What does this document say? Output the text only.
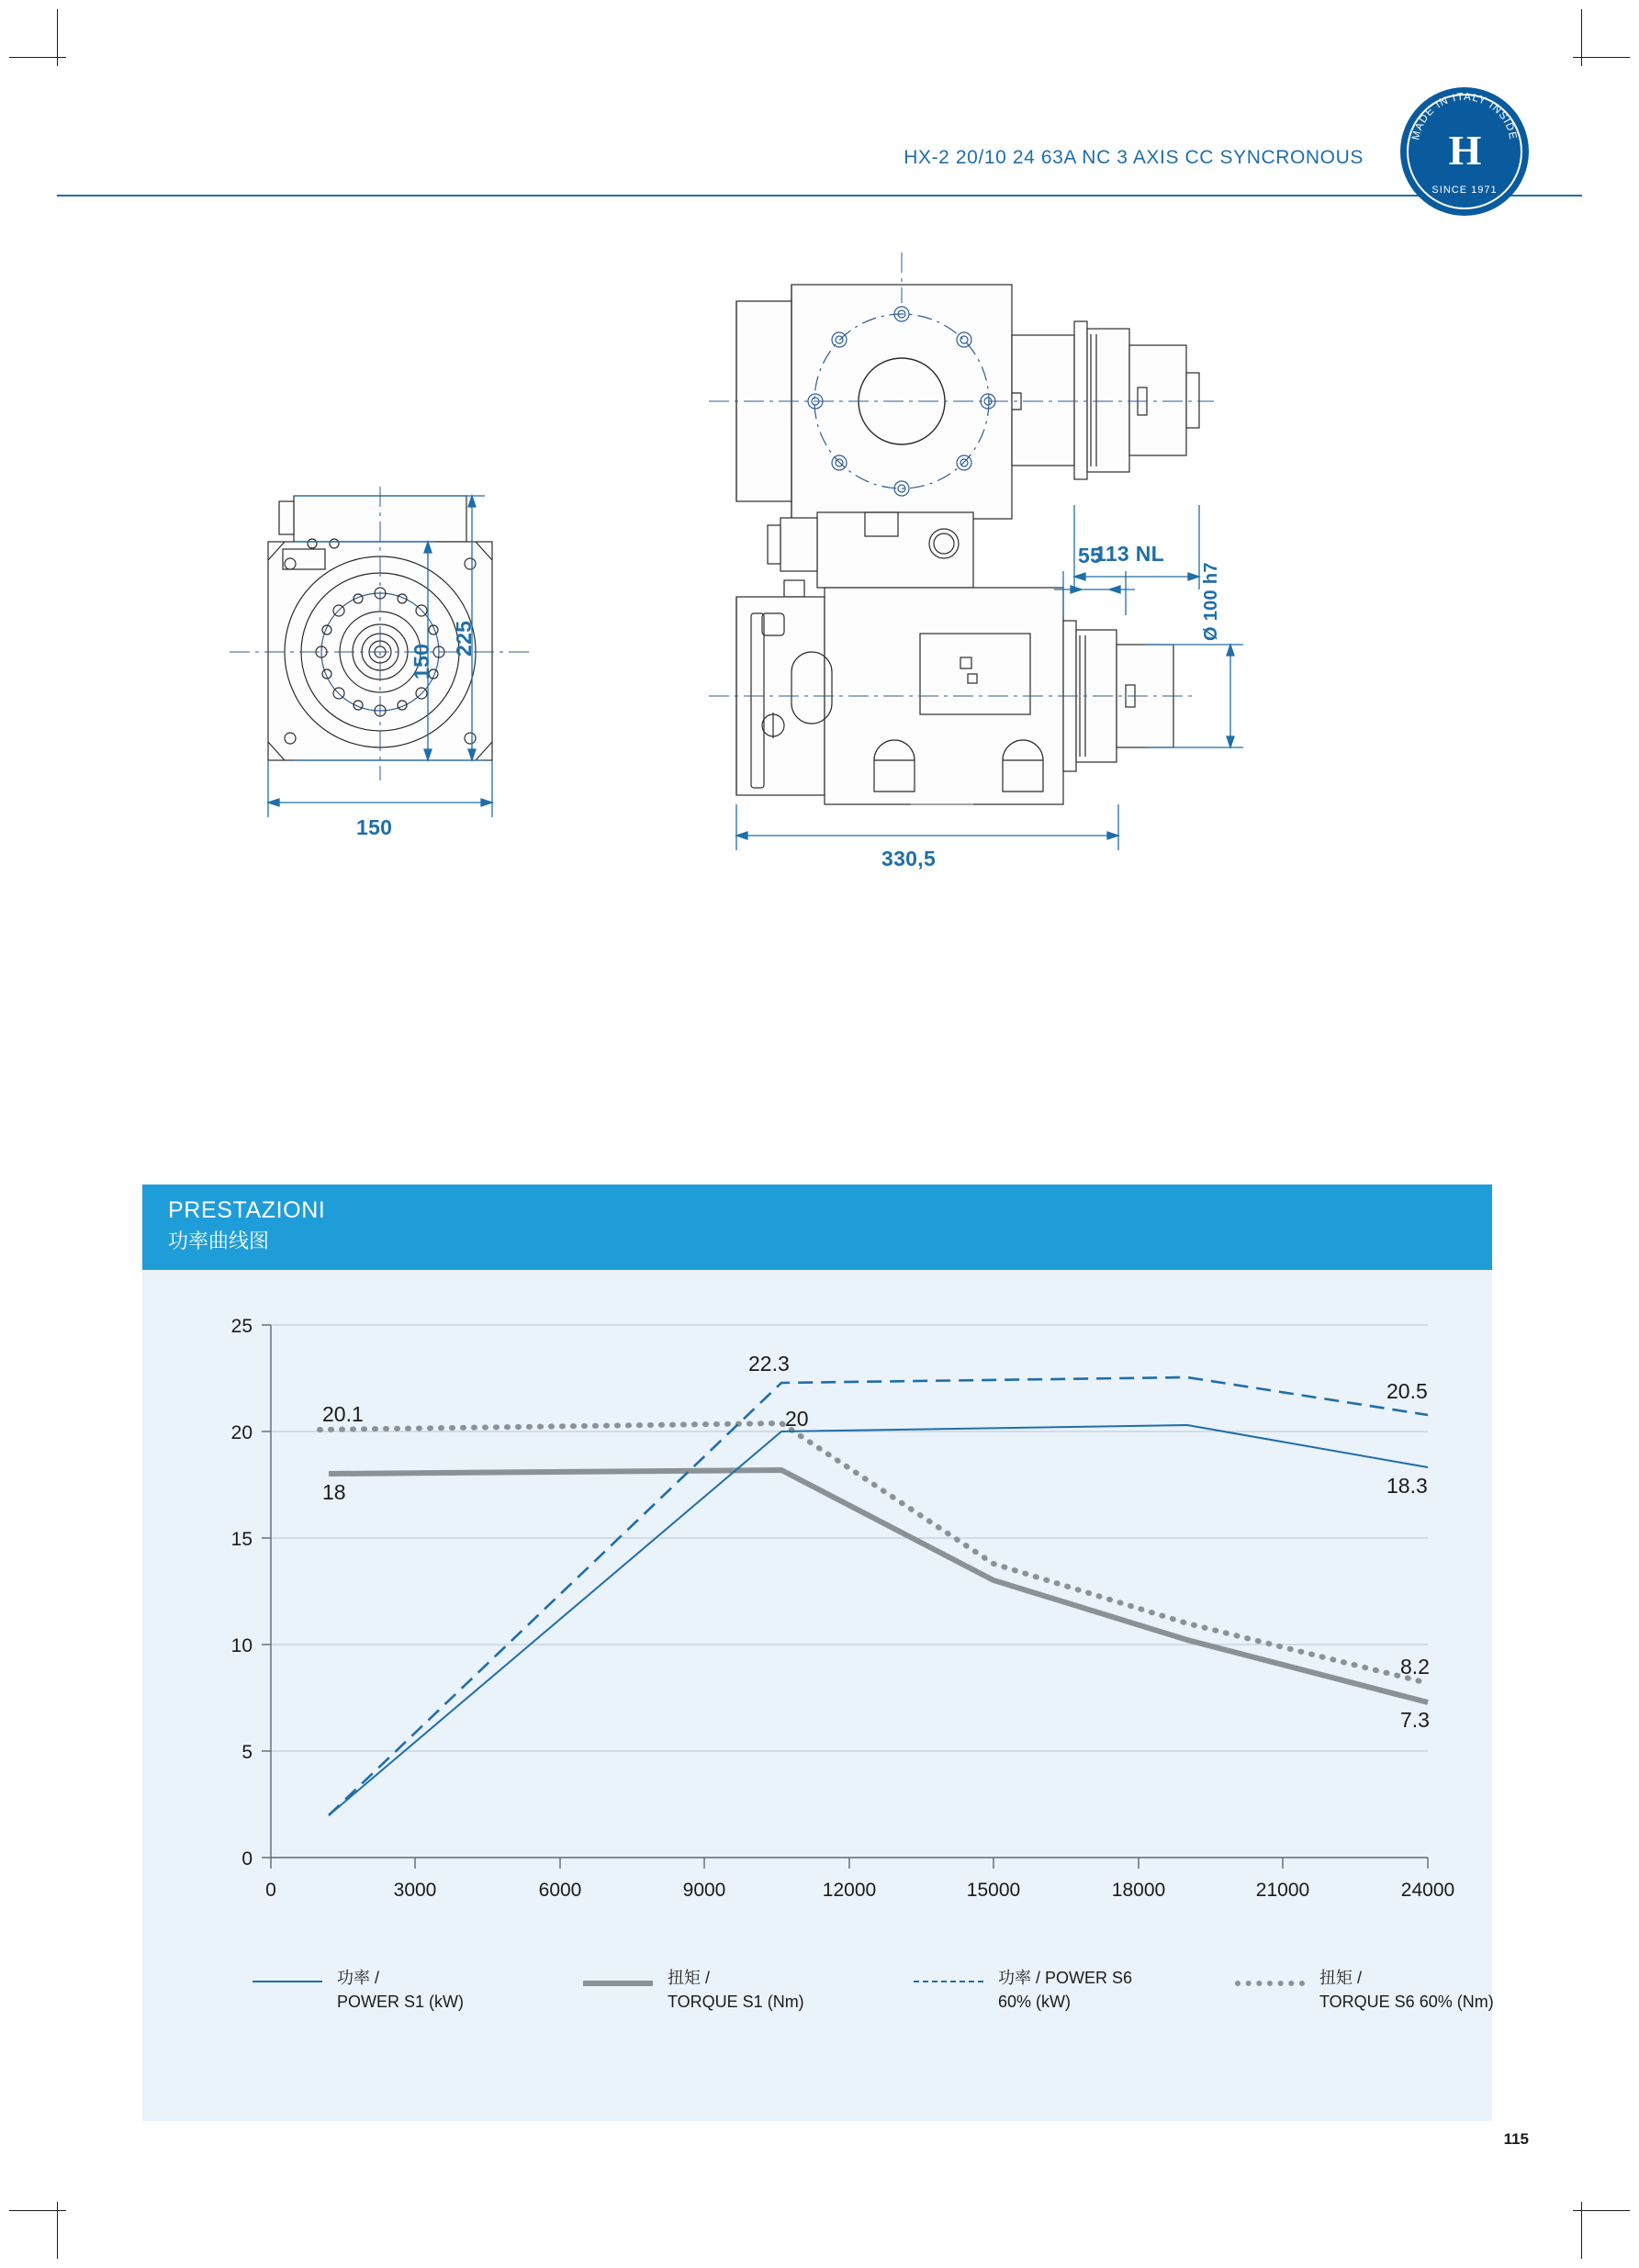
HX-2 20/10 24 63A NC 3 AXIS CC SYNCRONOUS
MADE IN ITALY INSIDE
H
SINCE 1971
113 NL
150
150
225
55
330,5
Ø 100 h7
PRESTAZIONI
功率曲线图
25
20
15
10
5
0
0	3000	6000	9000	12000	15000	18000	21000	24000
22.3
20.1	20
20.5
18	18.3
8.2
7.3
功率 /
POWER S1 (kW)
扭矩 /
TORQUE S1 (Nm)
功率 / POWER S6
60% (kW)
扭矩 /
TORQUE S6 60% (Nm)
115
